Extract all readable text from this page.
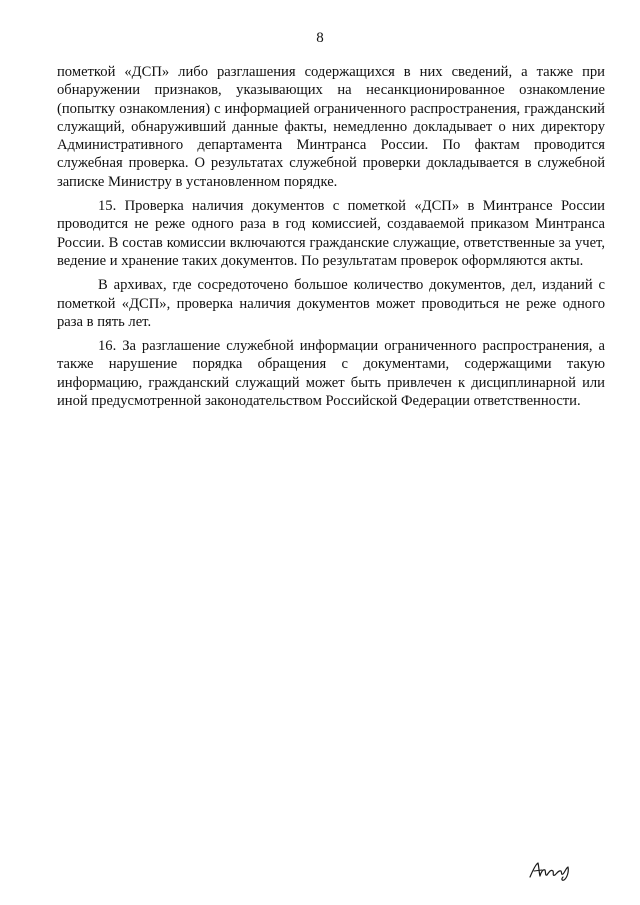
8

пометкой «ДСП» либо разглашения содержащихся в них сведений, а также при обнаружении признаков, указывающих на несанкционированное ознакомление (попытку ознакомления) с информацией ограниченного распространения, гражданский служащий, обнаруживший данные факты, немедленно докладывает о них директору Административного департамента Минтранса России. По фактам проводится служебная проверка. О результатах служебной проверки докладывается в служебной записке Министру в установленном порядке.

15. Проверка наличия документов с пометкой «ДСП» в Минтрансе России проводится не реже одного раза в год комиссией, создаваемой приказом Минтранса России. В состав комиссии включаются гражданские служащие, ответственные за учет, ведение и хранение таких документов. По результатам проверок оформляются акты.

В архивах, где сосредоточено большое количество документов, дел, изданий с пометкой «ДСП», проверка наличия документов может проводиться не реже одного раза в пять лет.

16. За разглашение служебной информации ограниченного распространения, а также нарушение порядка обращения с документами, содержащими такую информацию, гражданский служащий может быть привлечен к дисциплинарной или иной предусмотренной законодательством Российской Федерации ответственности.
